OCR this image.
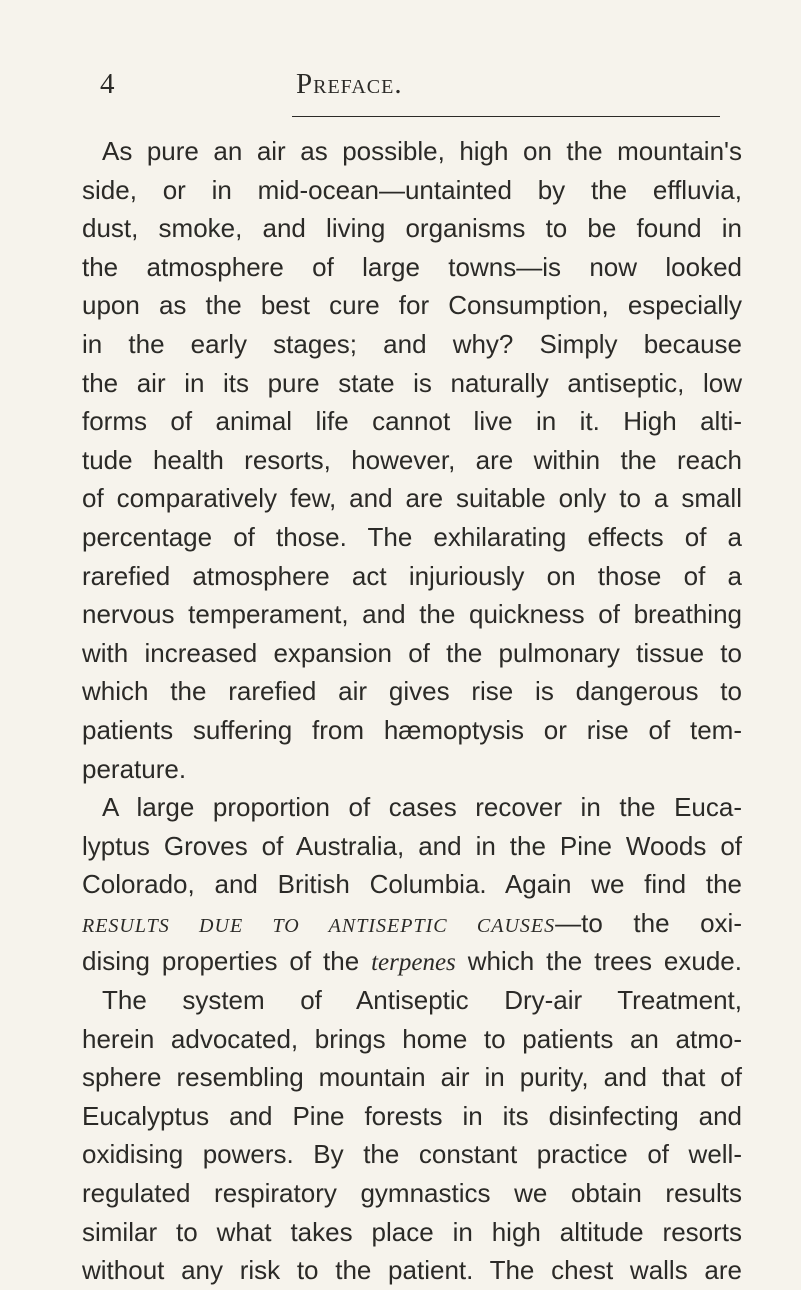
4	Preface.
As pure an air as possible, high on the mountain's
side, or in mid-ocean—untainted by the effluvia,
dust, smoke, and living organisms to be found in
the atmosphere of large towns—is now looked
upon as the best cure for Consumption, especially
in the early stages; and why? Simply because
the air in its pure state is naturally antiseptic, low
forms of animal life cannot live in it. High alti-
tude health resorts, however, are within the reach
of comparatively few, and are suitable only to a small
percentage of those. The exhilarating effects of a
rarefied atmosphere act injuriously on those of a
nervous temperament, and the quickness of breathing
with increased expansion of the pulmonary tissue to
which the rarefied air gives rise is dangerous to
patients suffering from hæmoptysis or rise of tem-
perature.
A large proportion of cases recover in the Euca-
lyptus Groves of Australia, and in the Pine Woods of
Colorado, and British Columbia. Again we find the
RESULTS DUE TO ANTISEPTIC CAUSES—to the oxi-
dising properties of the terpenes which the trees exude.
The system of Antiseptic Dry-air Treatment,
herein advocated, brings home to patients an atmo-
sphere resembling mountain air in purity, and that of
Eucalyptus and Pine forests in its disinfecting and
oxidising powers. By the constant practice of well-
regulated respiratory gymnastics we obtain results
similar to what takes place in high altitude resorts
without any risk to the patient. The chest walls are
